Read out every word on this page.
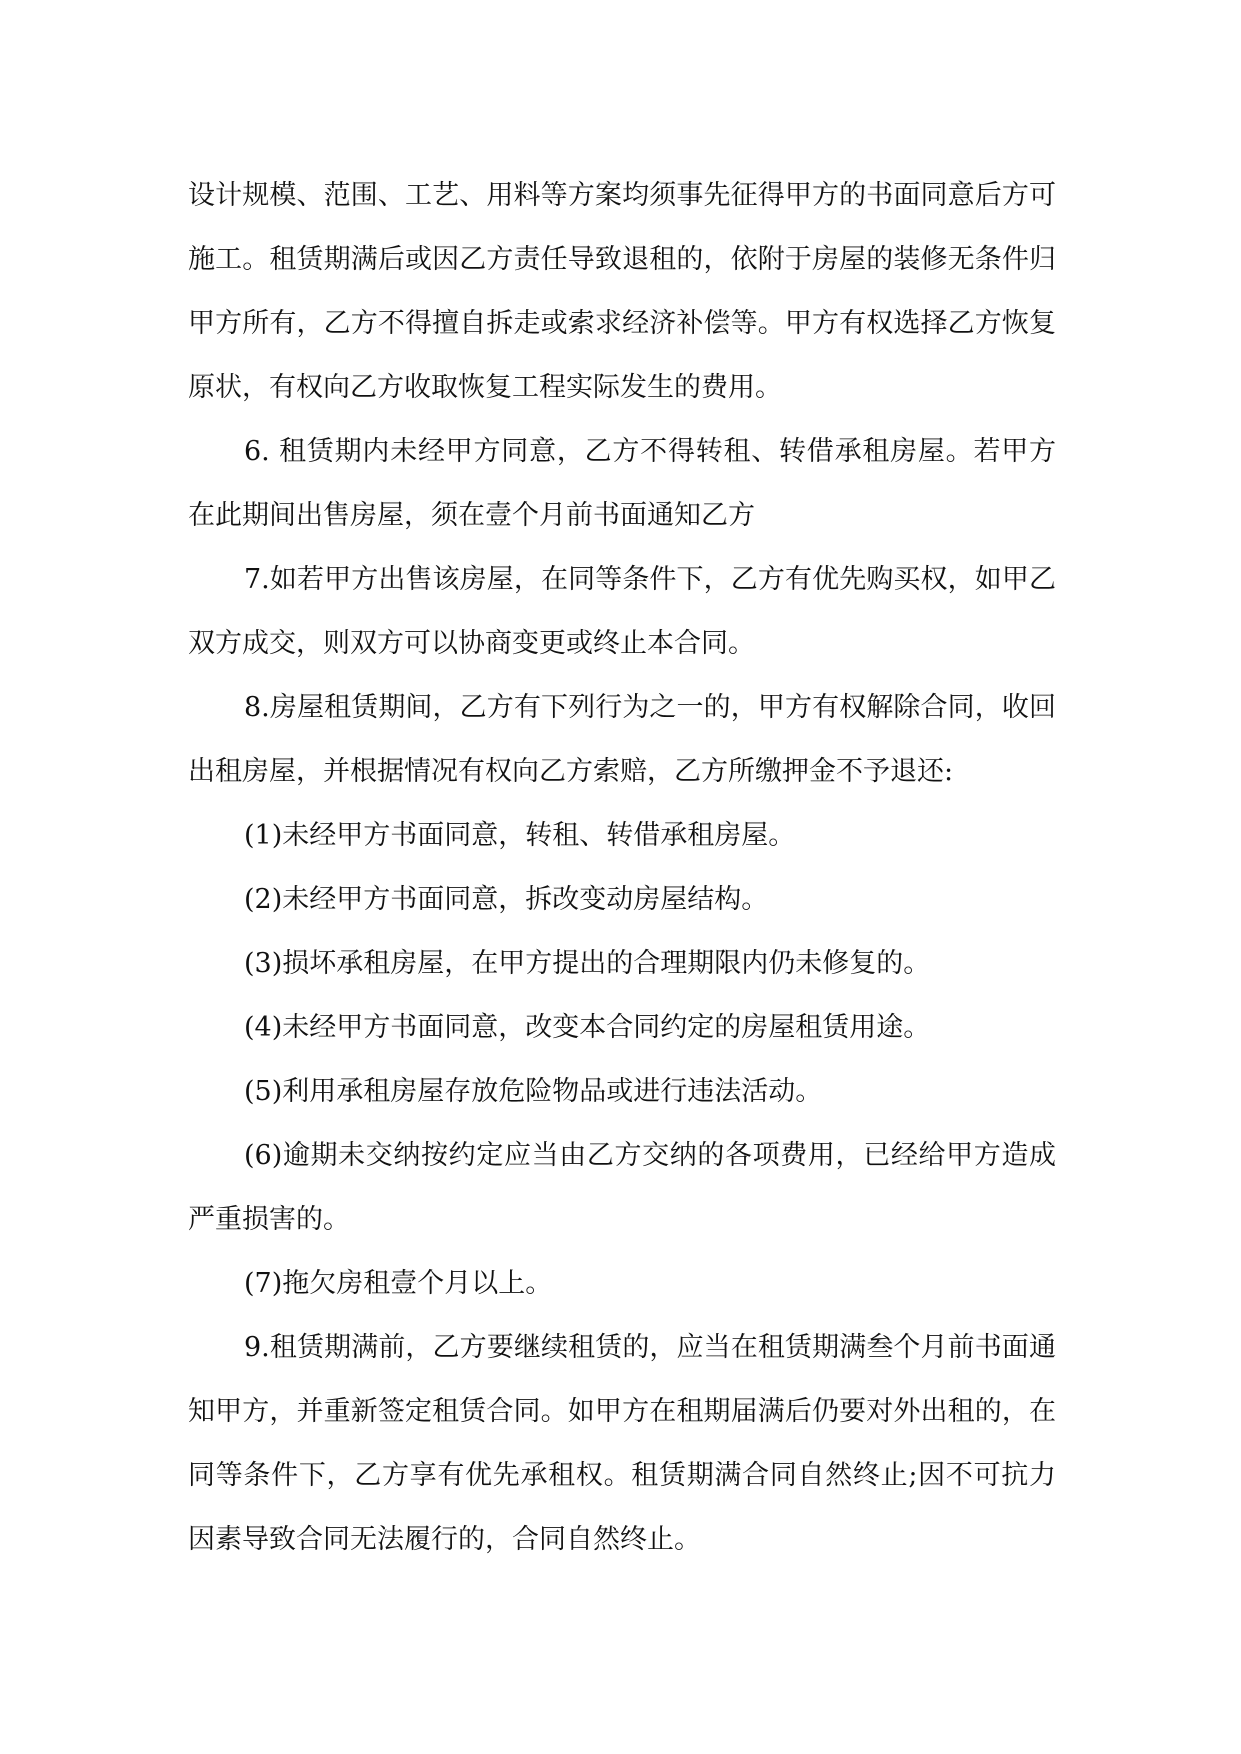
设计规模、范围、工艺、用料等方案均须事先征得甲方的书面同意后方可施工。租赁期满后或因乙方责任导致退租的，依附于房屋的装修无条件归甲方所有，乙方不得擅自拆走或索求经济补偿等。甲方有权选择乙方恢复原状，有权向乙方收取恢复工程实际发生的费用。

6. 租赁期内未经甲方同意，乙方不得转租、转借承租房屋。若甲方在此期间出售房屋，须在壹个月前书面通知乙方

7.如若甲方出售该房屋，在同等条件下，乙方有优先购买权，如甲乙双方成交，则双方可以协商变更或终止本合同。

8.房屋租赁期间，乙方有下列行为之一的，甲方有权解除合同，收回出租房屋，并根据情况有权向乙方索赔，乙方所缴押金不予退还:

(1)未经甲方书面同意，转租、转借承租房屋。

(2)未经甲方书面同意，拆改变动房屋结构。

(3)损坏承租房屋，在甲方提出的合理期限内仍未修复的。

(4)未经甲方书面同意，改变本合同约定的房屋租赁用途。

(5)利用承租房屋存放危险物品或进行违法活动。

(6)逾期未交纳按约定应当由乙方交纳的各项费用，已经给甲方造成严重损害的。

(7)拖欠房租壹个月以上。

9.租赁期满前，乙方要继续租赁的，应当在租赁期满叁个月前书面通知甲方，并重新签定租赁合同。如甲方在租期届满后仍要对外出租的，在同等条件下，乙方享有优先承租权。租赁期满合同自然终止;因不可抗力因素导致合同无法履行的，合同自然终止。
